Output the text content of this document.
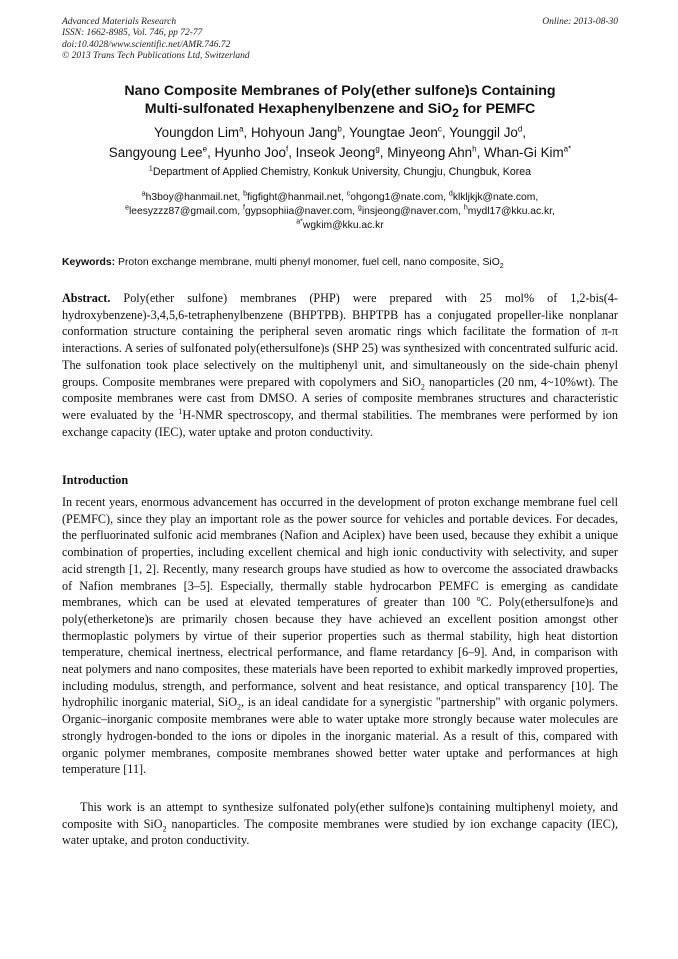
Advanced Materials Research
ISSN: 1662-8985, Vol. 746, pp 72-77
doi:10.4028/www.scientific.net/AMR.746.72
© 2013 Trans Tech Publications Ltd, Switzerland
Online: 2013-08-30
Nano Composite Membranes of Poly(ether sulfone)s Containing
Multi-sulfonated Hexaphenylbenzene and SiO$_2$ for PEMFC
Youngdon Lim$^a$, Hohyoun Jang$^b$, Youngtae Jeon$^c$, Younggil Jo$^d$,
Sangyoung Lee$^e$, Hyunho Joo$^f$, Inseok Jeong$^g$, Minyeong Ahn$^h$, Whan-Gi Kim$^{a*}$
$^1$Department of Applied Chemistry, Konkuk University, Chungju, Chungbuk, Korea
$^a$h3boy@hanmail.net, $^b$figfight@hanmail.net, $^c$ohgong1@nate.com, $^d$klkljkjk@nate.com,
$^e$leesyzzz87@gmail.com, $^f$gypsophiia@naver.com, $^g$insjeong@naver.com, $^h$mydl17@kku.ac.kr,
$^{a*}$wgkim@kku.ac.kr
Keywords: Proton exchange membrane, multi phenyl monomer, fuel cell, nano composite, SiO$_2$
Abstract. Poly(ether sulfone) membranes (PHP) were prepared with 25 mol% of 1,2-bis(4-hydroxybenzene)-3,4,5,6-tetraphenylbenzene (BHPTPB). BHPTPB has a conjugated propeller-like nonplanar conformation structure containing the peripheral seven aromatic rings which facilitate the formation of π-π interactions. A series of sulfonated poly(ethersulfone)s (SHP 25) was synthesized with concentrated sulfuric acid. The sulfonation took place selectively on the multiphenyl unit, and simultaneously on the side-chain phenyl groups. Composite membranes were prepared with copolymers and SiO$_2$ nanoparticles (20 nm, 4~10%wt). The composite membranes were cast from DMSO. A series of composite membranes structures and characteristic were evaluated by the $^1$H-NMR spectroscopy, and thermal stabilities. The membranes were performed by ion exchange capacity (IEC), water uptake and proton conductivity.
Introduction
In recent years, enormous advancement has occurred in the development of proton exchange membrane fuel cell (PEMFC), since they play an important role as the power source for vehicles and portable devices. For decades, the perfluorinated sulfonic acid membranes (Nafion and Aciplex) have been used, because they exhibit a unique combination of properties, including excellent chemical and high ionic conductivity with selectivity, and super acid strength [1, 2]. Recently, many research groups have studied as how to overcome the associated drawbacks of Nafion membranes [3–5]. Especially, thermally stable hydrocarbon PEMFC is emerging as candidate membranes, which can be used at elevated temperatures of greater than 100 $^o$C. Poly(ethersulfone)s and poly(etherketone)s are primarily chosen because they have achieved an excellent position amongst other thermoplastic polymers by virtue of their superior properties such as thermal stability, high heat distortion temperature, chemical inertness, electrical performance, and flame retardancy [6–9]. And, in comparison with neat polymers and nano composites, these materials have been reported to exhibit markedly improved properties, including modulus, strength, and performance, solvent and heat resistance, and optical transparency [10]. The hydrophilic inorganic material, SiO$_2$, is an ideal candidate for a synergistic "partnership" with organic polymers. Organic–inorganic composite membranes were able to water uptake more strongly because water molecules are strongly hydrogen-bonded to the ions or dipoles in the inorganic material. As a result of this, compared with organic polymer membranes, composite membranes showed better water uptake and performances at high temperature [11].
This work is an attempt to synthesize sulfonated poly(ether sulfone)s containing multiphenyl moiety, and composite with SiO$_2$ nanoparticles. The composite membranes were studied by ion exchange capacity (IEC), water uptake, and proton conductivity.
